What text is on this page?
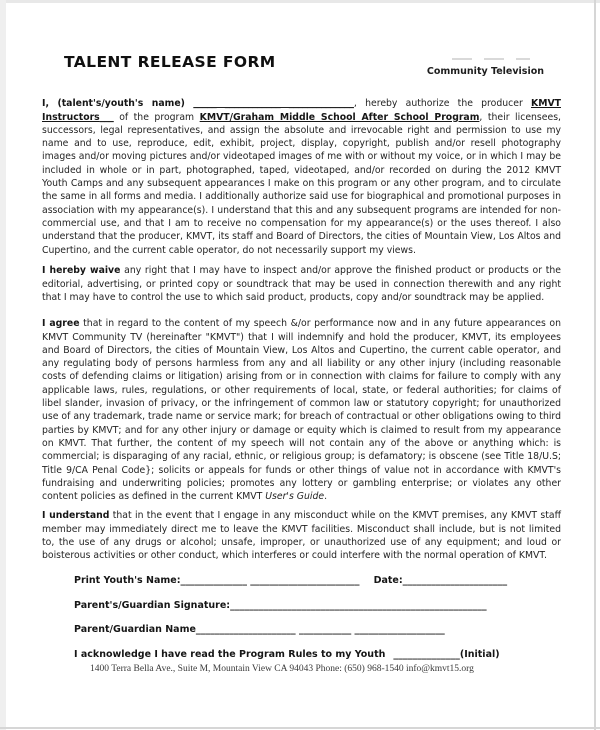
TALENT RELEASE FORM
Community Television

I, (talent's/youth's name) _____ ____________ ______________, hereby authorize the producer KMVT Instructors___ of the program KMVT/Graham Middle School After School Program, their licensees, successors, legal representatives, and assign the absolute and irrevocable right and permission to use my name and to use, reproduce, edit, exhibit, project, display, copyright, publish and/or resell photography images and/or moving pictures and/or videotaped images of me with or without my voice, or in which I may be included in whole or in part, photographed, taped, videotaped, and/or recorded on during the 2012 KMVT Youth Camps and any subsequent appearances I make on this program or any other program, and to circulate the same in all forms and media. I additionally authorize said use for biographical and promotional purposes in association with my appearance(s). I understand that this and any subsequent programs are intended for non-commercial use, and that I am to receive no compensation for my appearance(s) or the uses thereof. I also understand that the producer, KMVT, its staff and Board of Directors, the cities of Mountain View, Los Altos and Cupertino, and the current cable operator, do not necessarily support my views.

I hereby waive any right that I may have to inspect and/or approve the finished product or products or the editorial, advertising, or printed copy or soundtrack that may be used in connection therewith and any right that I may have to control the use to which said product, products, copy and/or soundtrack may be applied.

I agree that in regard to the content of my speech &/or performance now and in any future appearances on KMVT Community TV (hereinafter "KMVT") that I will indemnify and hold the producer, KMVT, its employees and Board of Directors, the cities of Mountain View, Los Altos and Cupertino, the current cable operator, and any regulating body of persons harmless from any and all liability or any other injury (including reasonable costs of defending claims or litigation) arising from or in connection with claims for failure to comply with any applicable laws, rules, regulations, or other requirements of local, state, or federal authorities; for claims of libel slander, invasion of privacy, or the infringement of common law or statutory copyright; for unauthorized use of any trademark, trade name or service mark; for breach of contractual or other obligations owing to third parties by KMVT; and for any other injury or damage or equity which is claimed to result from my appearance on KMVT. That further, the content of my speech will not contain any of the above or anything which: is commercial; is disparaging of any racial, ethnic, or religious group; is defamatory; is obscene (see Title 18/U.S; Title 9/CA Penal Code}; solicits or appeals for funds or other things of value not in accordance with KMVT's fundraising and underwriting policies; promotes any lottery or gambling enterprise; or violates any other content policies as defined in the current KMVT User's Guide.

I understand that in the event that I engage in any misconduct while on the KMVT premises, any KMVT staff member may immediately direct me to leave the KMVT facilities. Misconduct shall include, but is not limited to, the use of any drugs or alcohol; unsafe, improper, or unauthorized use of any equipment; and loud or boisterous activities or other conduct, which interferes or could interfere with the normal operation of KMVT.

Print Youth's Name:______________ _______________________ Date:______________________
Parent's/Guardian Signature:______________________________________________________
Parent/Guardian Name_____________________ ___________ ___________________
I acknowledge I have read the Program Rules to my Youth ______________(Initial)
1400 Terra Bella Ave., Suite M, Mountain View CA 94043 Phone: (650) 968-1540 info@kmvt15.org
